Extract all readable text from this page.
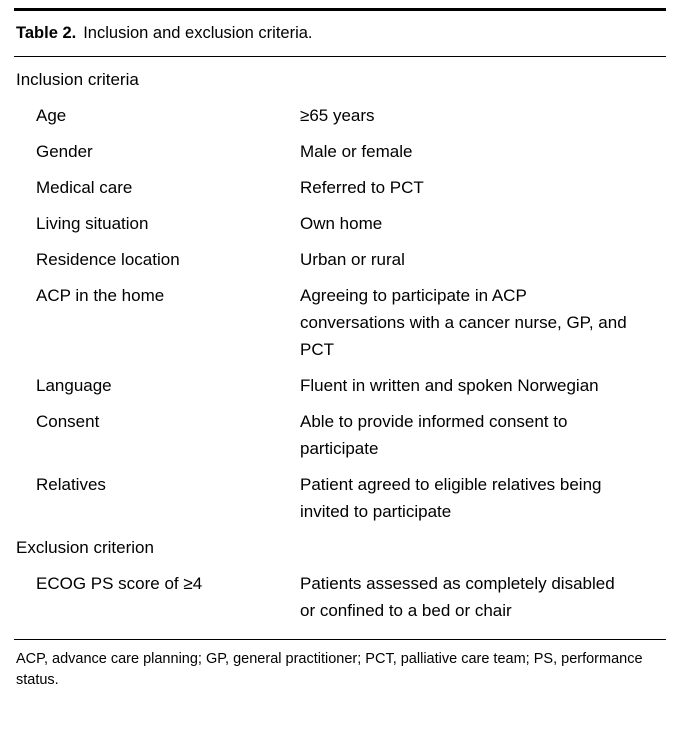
Table 2. Inclusion and exclusion criteria.
Inclusion criteria
Age	≥65 years
Gender	Male or female
Medical care	Referred to PCT
Living situation	Own home
Residence location	Urban or rural
ACP in the home	Agreeing to participate in ACP conversations with a cancer nurse, GP, and PCT
Language	Fluent in written and spoken Norwegian
Consent	Able to provide informed consent to participate
Relatives	Patient agreed to eligible relatives being invited to participate
Exclusion criterion
ECOG PS score of ≥4	Patients assessed as completely disabled or confined to a bed or chair
ACP, advance care planning; GP, general practitioner; PCT, palliative care team; PS, performance status.
